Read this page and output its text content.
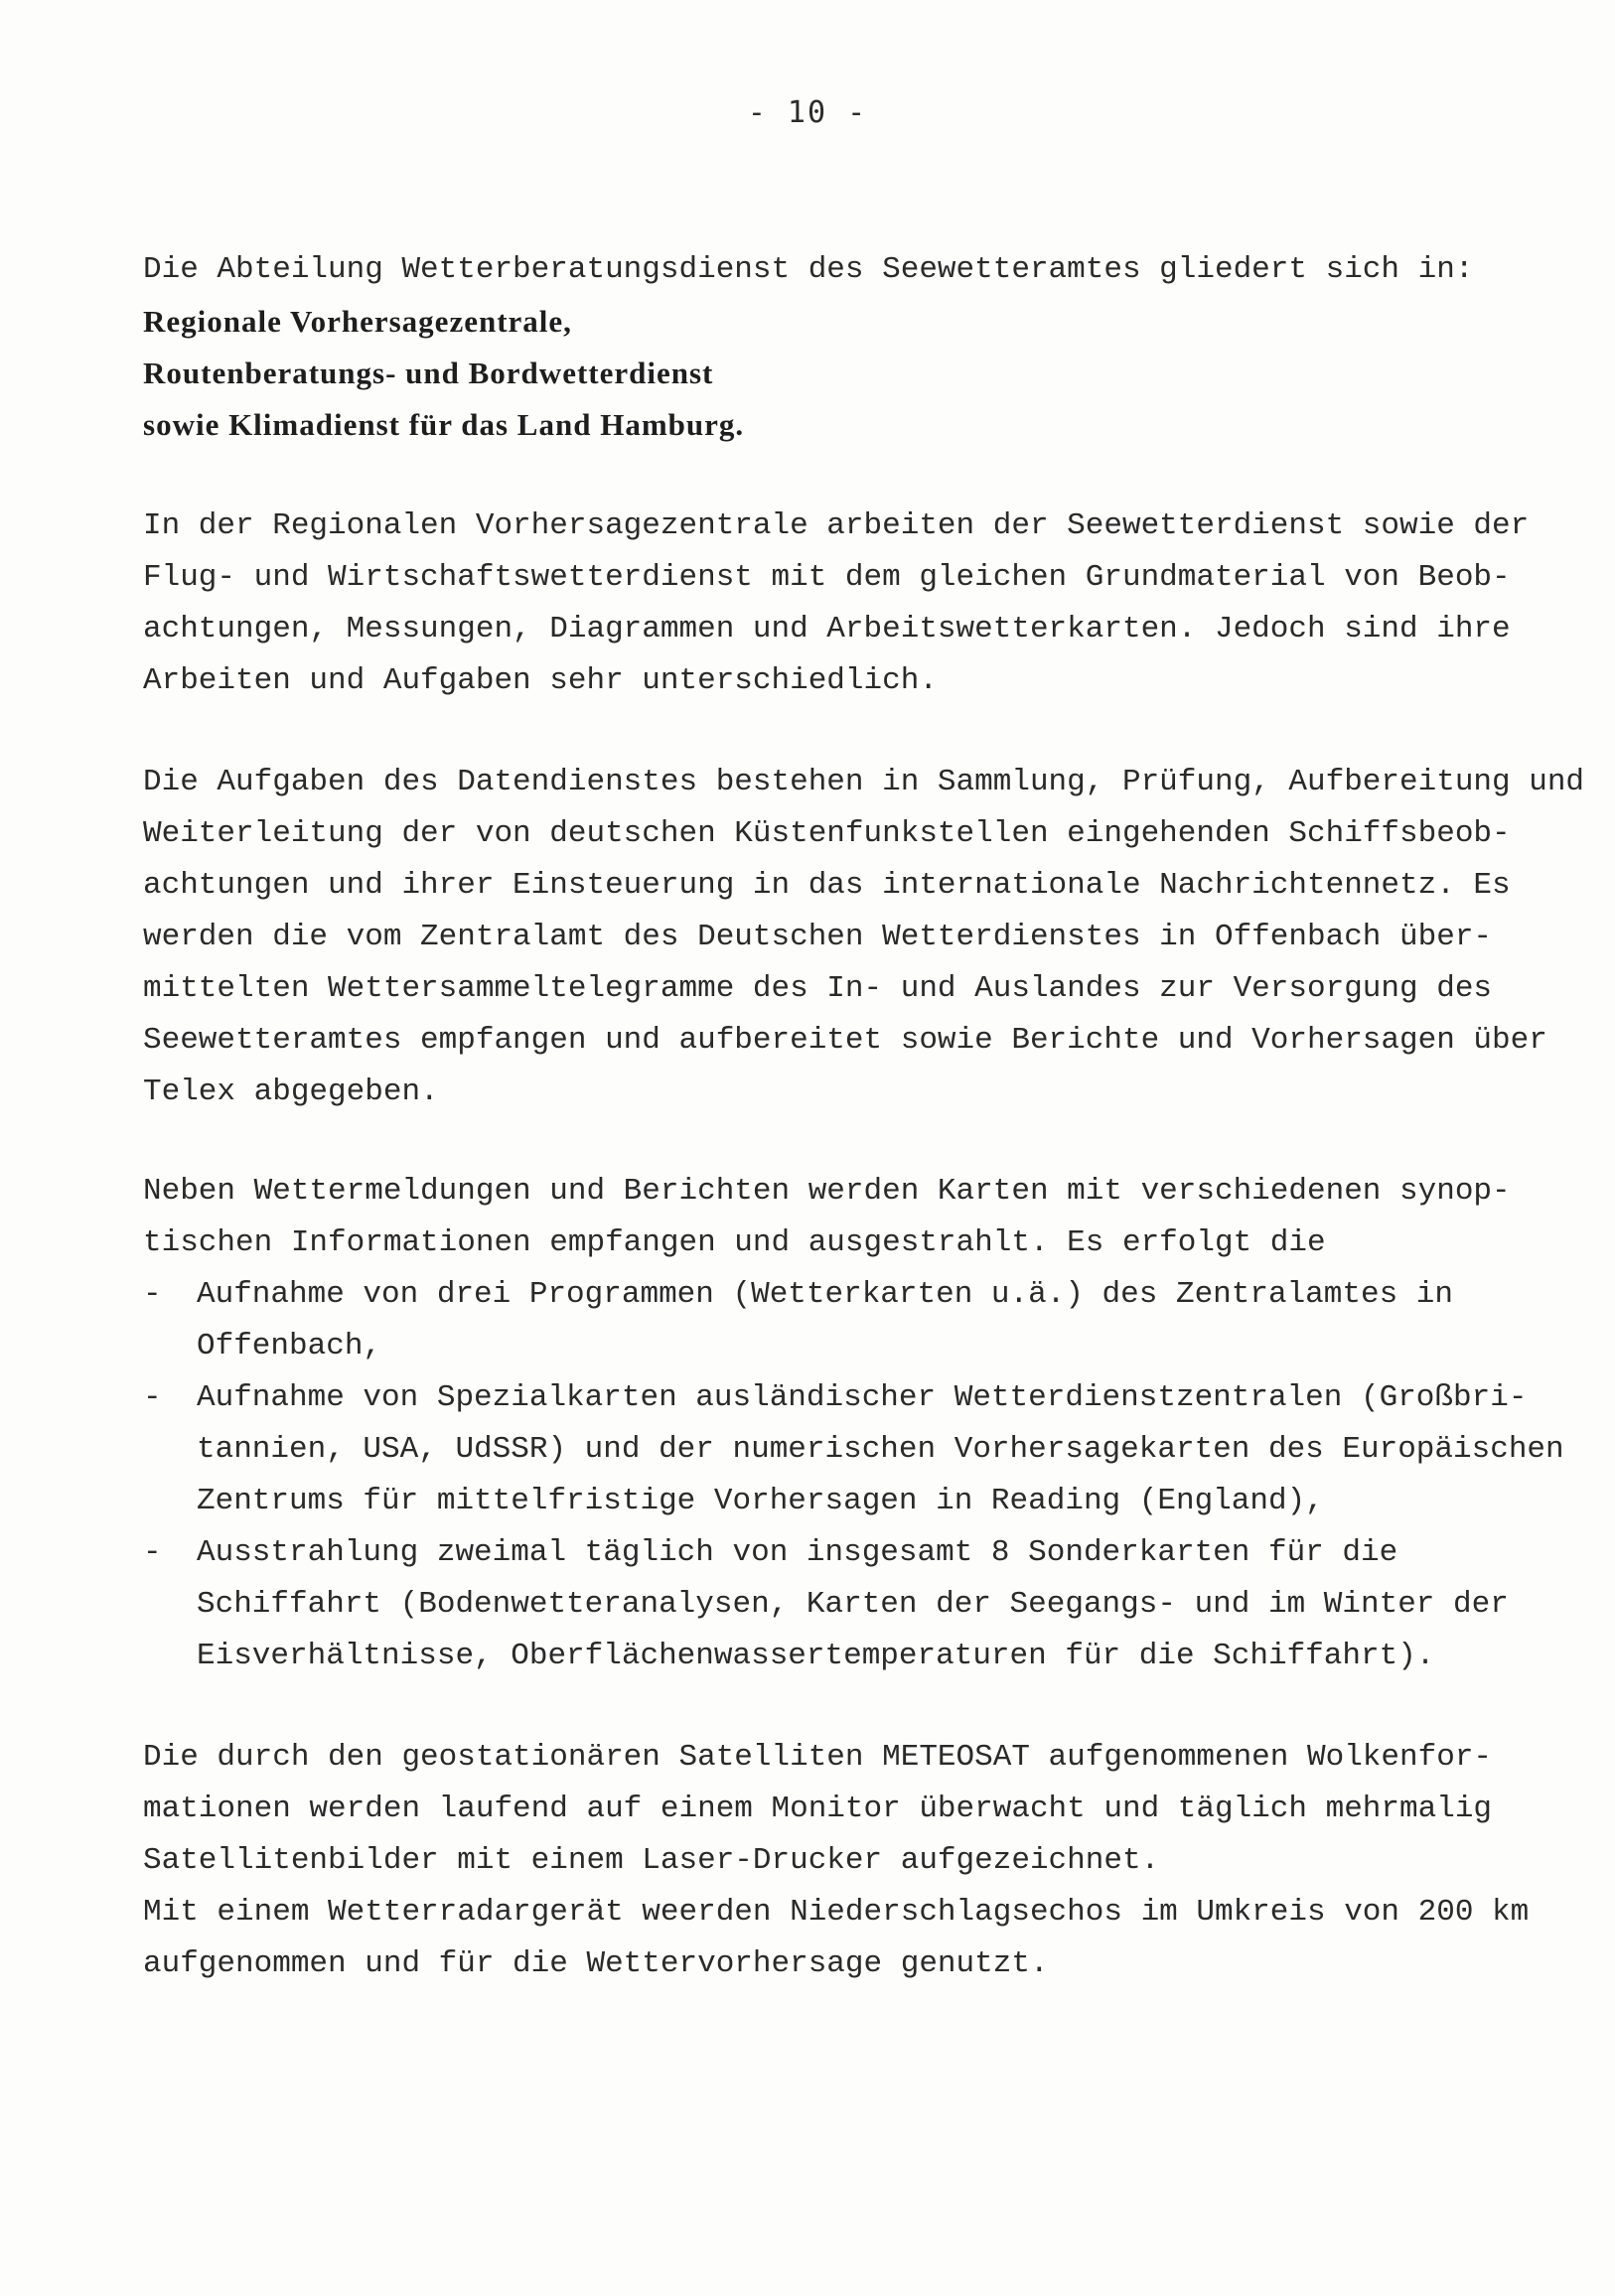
- 10 -
Die Abteilung Wetterberatungsdienst des Seewetteramtes gliedert sich in:
Regionale Vorhersagezentrale,
Routenberatungs- und Bordwetterdienst
sowie Klimadienst für das Land Hamburg.
In der Regionalen Vorhersagezentrale arbeiten der Seewetterdienst sowie der
Flug- und Wirtschaftswetterdienst mit dem gleichen Grundmaterial von Beob-
achtungen, Messungen, Diagrammen und Arbeitswetterkarten. Jedoch sind ihre
Arbeiten und Aufgaben sehr unterschiedlich.
Die Aufgaben des Datendienstes bestehen in Sammlung, Prüfung, Aufbereitung und
Weiterleitung der von deutschen Küstenfunkstellen eingehenden Schiffsbeob-
achtungen und ihrer Einsteuerung in das internationale Nachrichtennetz. Es
werden die vom Zentralamt des Deutschen Wetterdienstes in Offenbach über-
mittelten Wettersammeltelegramme des In- und Auslandes zur Versorgung des
Seewetteramtes empfangen und aufbereitet sowie Berichte und Vorhersagen über
Telex abgegeben.
Neben Wettermeldungen und Berichten werden Karten mit verschiedenen synop-
tischen Informationen empfangen und ausgestrahlt. Es erfolgt die
- Aufnahme von drei Programmen (Wetterkarten u.ä.) des Zentralamtes in
Offenbach,
- Aufnahme von Spezialkarten ausländischer Wetterdienstzentralen (Großbri-
tannien, USA, UdSSR) und der numerischen Vorhersagekarten des Europäischen
Zentrums für mittelfristige Vorhersagen in Reading (England),
- Ausstrahlung zweimal täglich von insgesamt 8 Sonderkarten für die
Schiffahrt (Bodenwetteranalysen, Karten der Seegangs- und im Winter der
Eisverhältnisse, Oberflächenwassertemperaturen für die Schiffahrt).
Die durch den geostationären Satelliten METEOSAT aufgenommenen Wolkenfor-
mationen werden laufend auf einem Monitor überwacht und täglich mehrmalig
Satellitenbilder mit einem Laser-Drucker aufgezeichnet.
Mit einem Wetterradargerät weerden Niederschlagsechos im Umkreis von 200 km
aufgenommen und für die Wettervorhersage genutzt.
